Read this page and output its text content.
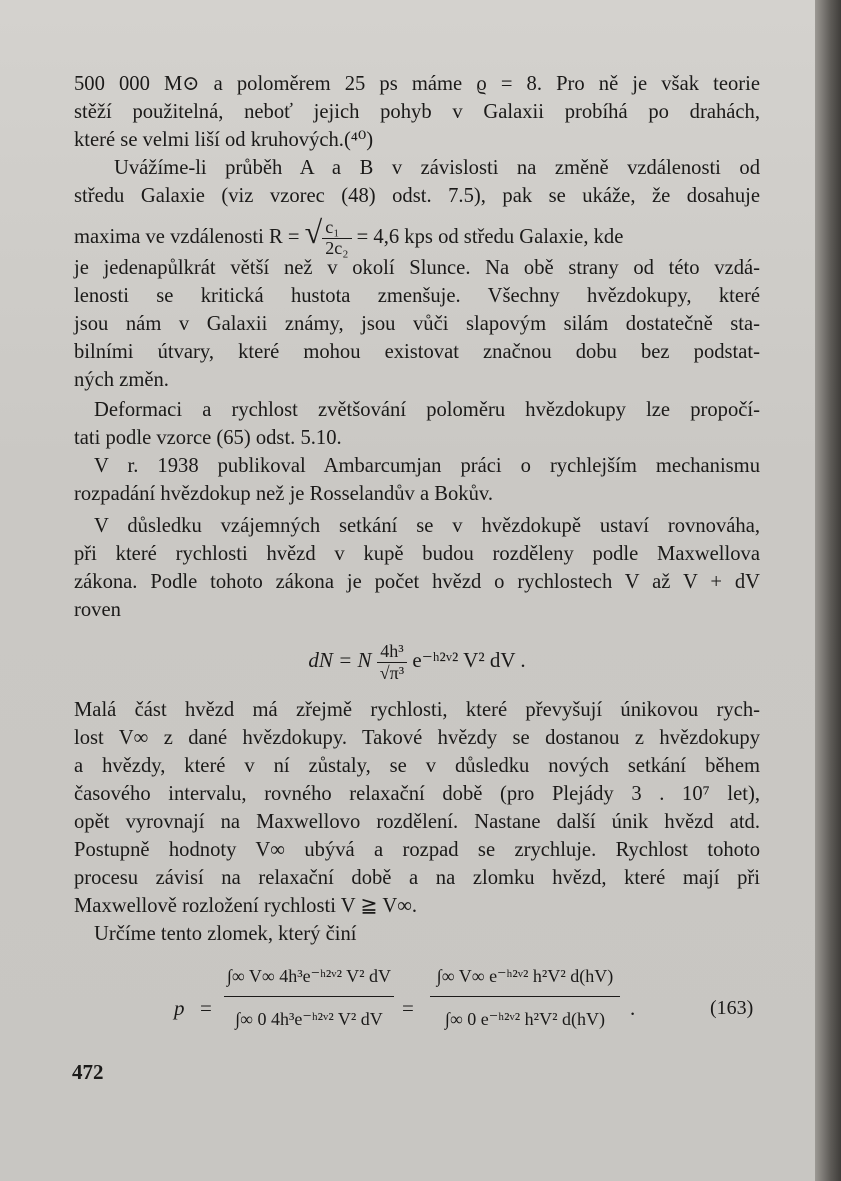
500 000 M⊙ a poloměrem 25 ps máme ϱ = 8. Pro ně je však teorie
stěží použitelná, neboť jejich pohyb v Galaxii probíhá po drahách,
které se velmi liší od kruhových.(⁴⁰)

Uvážíme-li průběh A a B v závislosti na změně vzdálenosti od
středu Galaxie (viz vzorec (48) odst. 7.5), pak se ukáže, že dosahuje
maxima ve vzdálenosti R = √ $\frac{\text{c₁}}{\text{2c₂}} = 4,6$ kps od středu Galaxie, kde
je jedenapůlkrát větší než v okolí Slunce. Na obě strany od této vzdá-
lenosti se kritická hustota zmenšuje. Všechny hvězdokupy, které
jsou nám v Galaxii známy, jsou vůči slapovým silám dostatečně sta-
bilními útvary, které mohou existovat značnou dobu bez podstat-
ných změn.

Deformaci a rychlost zvětšování poloměru hvězdokupy lze propočí-
tati podle vzorce (65) odst. 5.10.

V r. 1938 publikoval Ambarcumjan práci o rychlejším mechanismu
rozpadání hvězdokup než je Rosselandův a Bokův.

V důsledku vzájemných setkání se v hvězdokupě ustaví rovnováha,
při které rychlosti hvězd v kupě budou rozděleny podle Maxwellova
zákona. Podle tohoto zákona je počet hvězd o rychlostech V až V + dV
roven

dN = N $\frac{\text{4h³}}{\text{√π³}}$ e⁻ʰ²ᵛ² V² dV .

Malá část hvězd má zřejmě rychlosti, které převyšují únikovou rych-
lost V∞ z dané hvězdokupy. Takové hvězdy se dostanou z hvězdokupy
a hvězdy, které v ní zůstaly, se v důsledku nových setkání během
časového intervalu, rovného relaxační době (pro Plejády 3 . 10⁷ let),
opět vyrovnají na Maxwellovo rozdělení. Nastane další únik hvězd atd.
Postupně hodnoty V∞ ubývá a rozpad se zrychluje. Rychlost tohoto
procesu závisí na relaxační době a na zlomku hvězd, které mají při
Maxwellově rozložení rychlosti V ≧ V∞.

Určíme tento zlomek, který činí

$p = \frac{\text{∫∞ V∞ 4h³e⁻ʰ²ᵛ² V² dV}}{\text{∫∞ 0 4h³e⁻ʰ²ᵛ² V² dV}} = \frac{\text{∫∞ V∞ e⁻ʰ²ᵛ² h²V² d(hV)}}{\text{∫∞ 0 e⁻ʰ²ᵛ² h²V² d(hV)}}$ .	(163)
472
